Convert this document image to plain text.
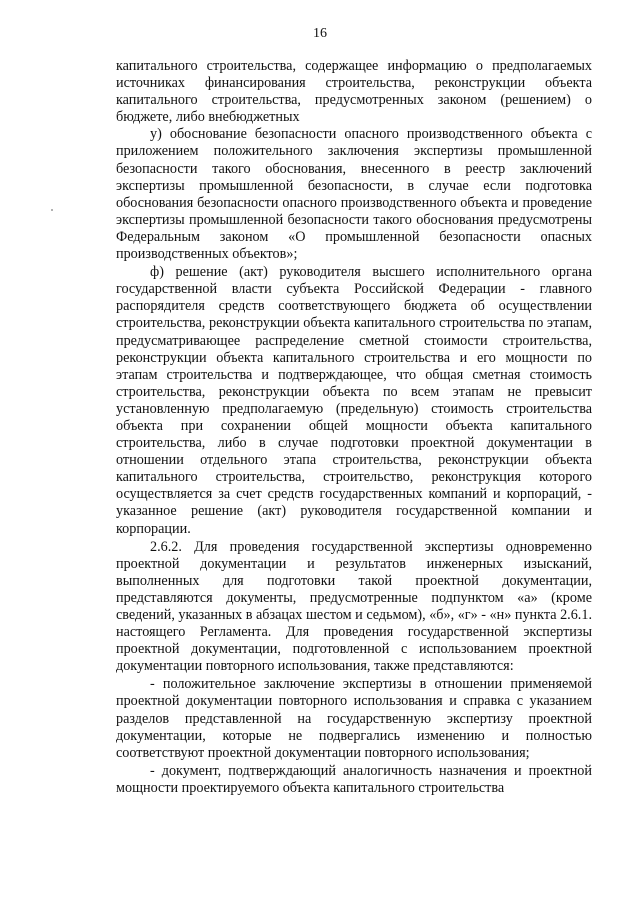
16

капитального строительства, содержащее информацию о предполагаемых источниках финансирования строительства, реконструкции объекта капитального строительства, предусмотренных законом (решением) о бюджете, либо внебюджетных

у) обоснование безопасности опасного производственного объекта с приложением положительного заключения экспертизы промышленной безопасности такого обоснования, внесенного в реестр заключений экспертизы промышленной безопасности, в случае если подготовка обоснования безопасности опасного производственного объекта и проведение экспертизы промышленной безопасности такого обоснования предусмотрены Федеральным законом «О промышленной безопасности опасных производственных объектов»;

ф) решение (акт) руководителя высшего исполнительного органа государственной власти субъекта Российской Федерации - главного распорядителя средств соответствующего бюджета об осуществлении строительства, реконструкции объекта капитального строительства по этапам, предусматривающее распределение сметной стоимости строительства, реконструкции объекта капитального строительства и его мощности по этапам строительства и подтверждающее, что общая сметная стоимость строительства, реконструкции объекта по всем этапам не превысит установленную предполагаемую (предельную) стоимость строительства объекта при сохранении общей мощности объекта капитального строительства, либо в случае подготовки проектной документации в отношении отдельного этапа строительства, реконструкции объекта капитального строительства, строительство, реконструкция которого осуществляется за счет средств государственных компаний и корпораций, - указанное решение (акт) руководителя государственной компании и корпорации.

2.6.2. Для проведения государственной экспертизы одновременно проектной документации и результатов инженерных изысканий, выполненных для подготовки такой проектной документации, представляются документы, предусмотренные подпунктом «а» (кроме сведений, указанных в абзацах шестом и седьмом), «б», «г» - «н» пункта 2.6.1. настоящего Регламента. Для проведения государственной экспертизы проектной документации, подготовленной с использованием проектной документации повторного использования, также представляются:

- положительное заключение экспертизы в отношении применяемой проектной документации повторного использования и справка с указанием разделов представленной на государственную экспертизу проектной документации, которые не подвергались изменению и полностью соответствуют проектной документации повторного использования;

- документ, подтверждающий аналогичность назначения и проектной мощности проектируемого объекта капитального строительства
